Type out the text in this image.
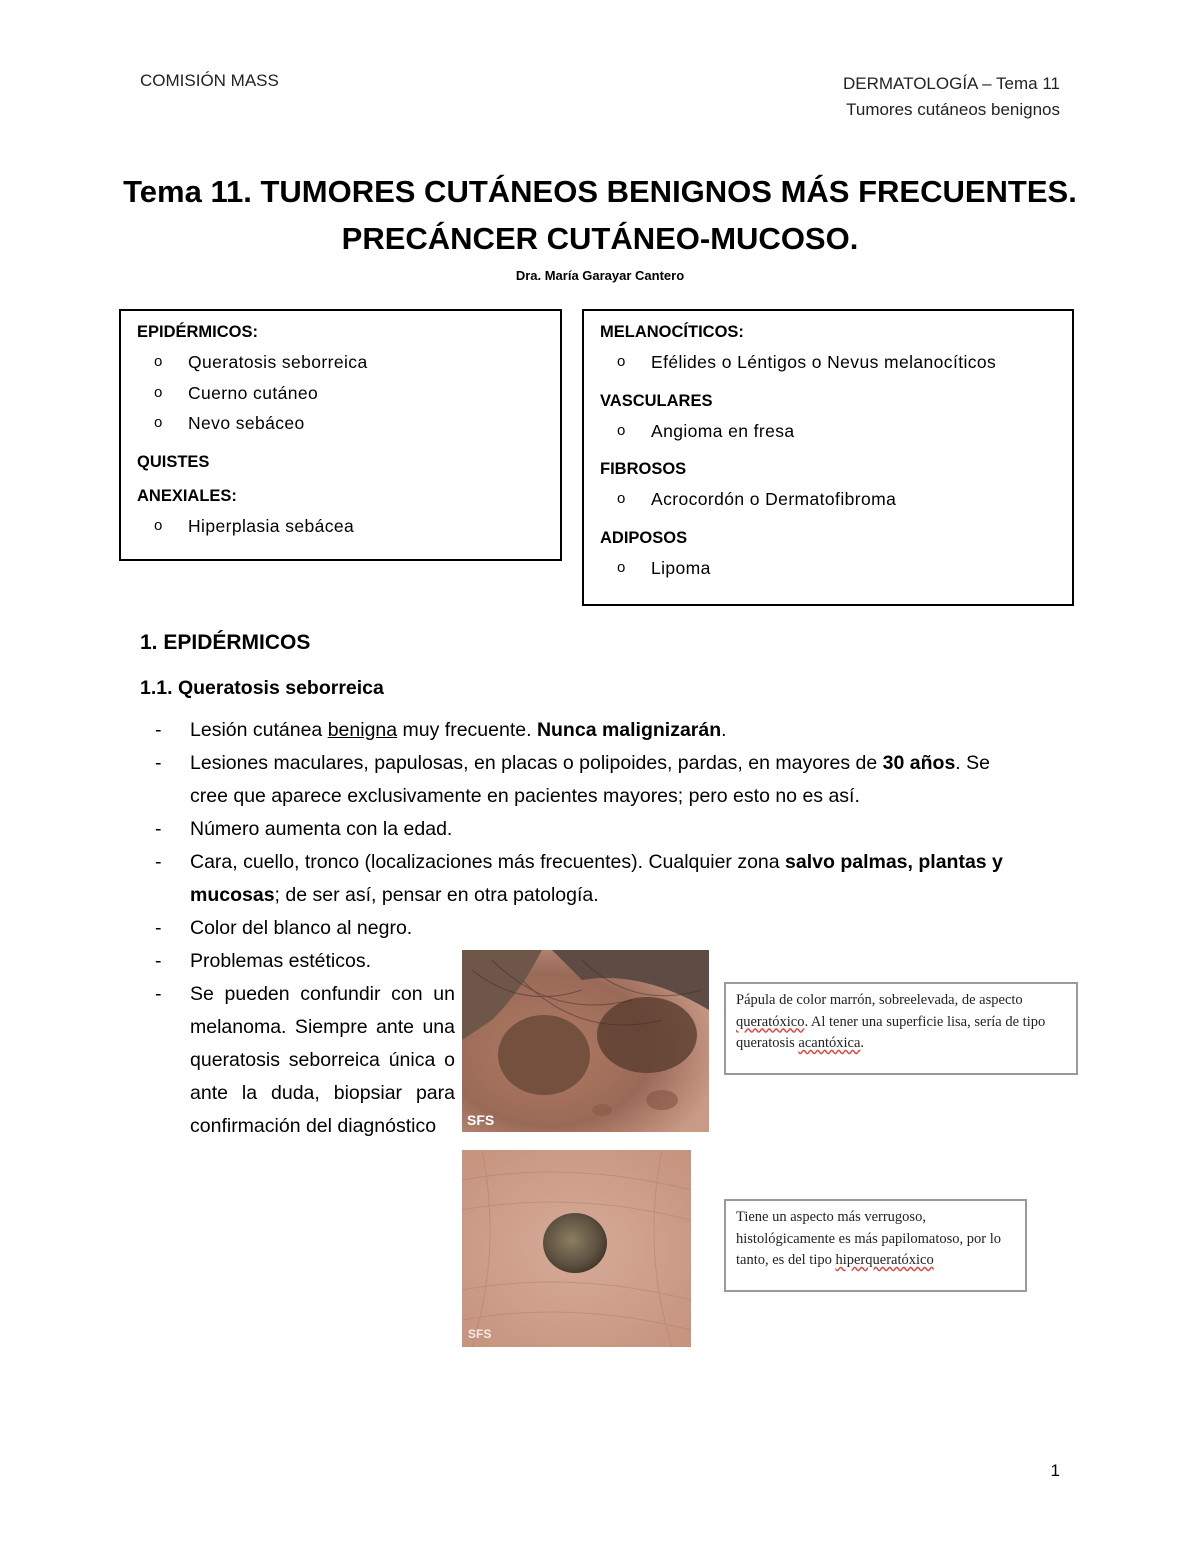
COMISIÓN MASS	DERMATOLOGÍA – Tema 11
Tumores cutáneos benignos
Tema 11. TUMORES CUTÁNEOS BENIGNOS MÁS FRECUENTES.
PRECÁNCER CUTÁNEO-MUCOSO.
Dra. María Garayar Cantero

EPIDÉRMICOS:

o Queratosis seborreica
o Cuerno cutáneo
o Nevo sebáceo

QUISTES

ANEXIALES:

o Hiperplasia sebácea

MELANOCÍTICOS:

o Efélides o Léntigos o Nevus melanocíticos

VASCULARES

o Angioma en fresa

FIBROSOS

o Acrocordón o Dermatofibroma

ADIPOSOS

o Lipoma
1. EPIDÉRMICOS
1.1. Queratosis seborreica
- Lesión cutánea benigna muy frecuente. Nunca malignizarán.
- Lesiones maculares, papulosas, en placas o polipoides, pardas, en mayores de 30 años. Se
cree que aparece exclusivamente en pacientes mayores; pero esto no es así.
- Número aumenta con la edad.
- Cara, cuello, tronco (localizaciones más frecuentes). Cualquier zona salvo palmas, plantas y
mucosas; de ser así, pensar en otra patología.
- Color del blanco al negro.
- Problemas estéticos.
- Se pueden confundir con un melanoma. Siempre ante una queratosis seborreica única o ante la duda, biopsiar para confirmación del diagnóstico	SFS
Pápula de color marrón, sobreelevada, de aspecto queratóxico. Al tener una superficie lisa, sería de tipo queratosis acantóxica.
SFS
Tiene un aspecto más verrugoso, histológicamente es más papilomatoso, por lo tanto, es del tipo hiperqueratóxico
1
